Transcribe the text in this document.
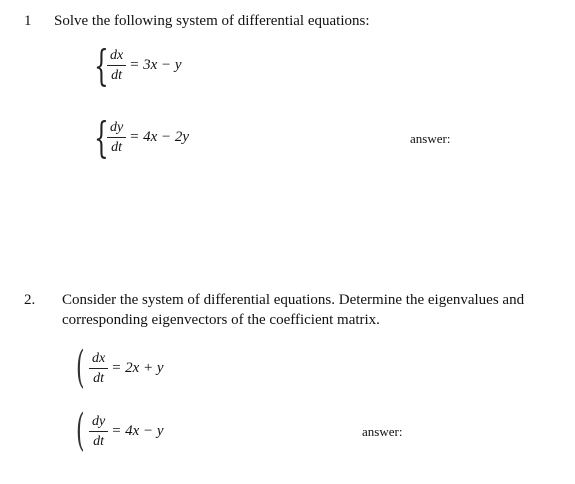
1 Solve the following system of differential equations:
{
$\frac{dx}{dt} = 3x - y$
{
$\frac{dy}{dt} = 4x - 2y$	answer:
2. Consider the system of differential equations. Determine the eigenvalues and corresponding eigenvectors of the coefficient matrix.
( $\frac{dx}{dt} = 2x + y$
( $\frac{dy}{dt} = 4x - y$	answer:
